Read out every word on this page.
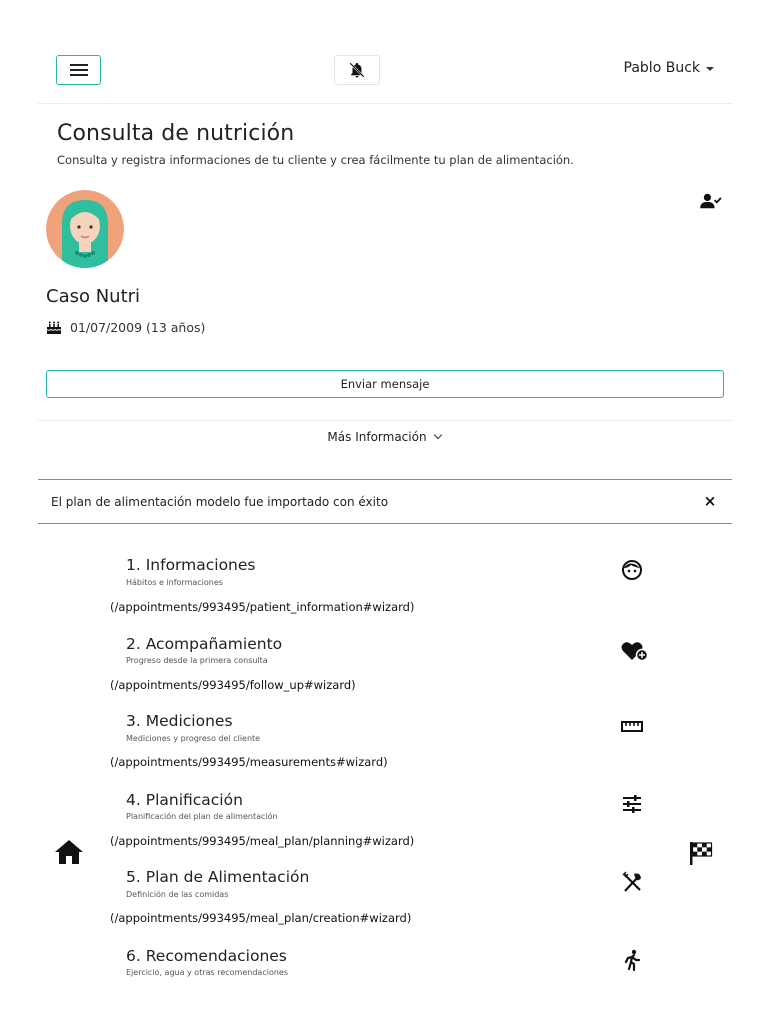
Pablo Buck
Consulta de nutrición

Consulta y registra informaciones de tu cliente y crea fácilmente tu plan de alimentación.

Caso Nutri
01/07/2009 (13 años)
Enviar mensaje
Más Información
El plan de alimentación modelo fue importado con éxito	×
1. Informaciones
Hábitos e informaciones
(/appointments/993495/patient_information#wizard)
2. Acompañamiento
Progreso desde la primera consulta
(/appointments/993495/follow_up#wizard)
3. Mediciones
Mediciones y progreso del cliente
(/appointments/993495/measurements#wizard)
4. Planificación
Planificación del plan de alimentación
(/appointments/993495/meal_plan/planning#wizard)
5. Plan de Alimentación
Definición de las comidas
(/appointments/993495/meal_plan/creation#wizard)
6. Recomendaciones
Ejercicio, agua y otras recomendaciones
